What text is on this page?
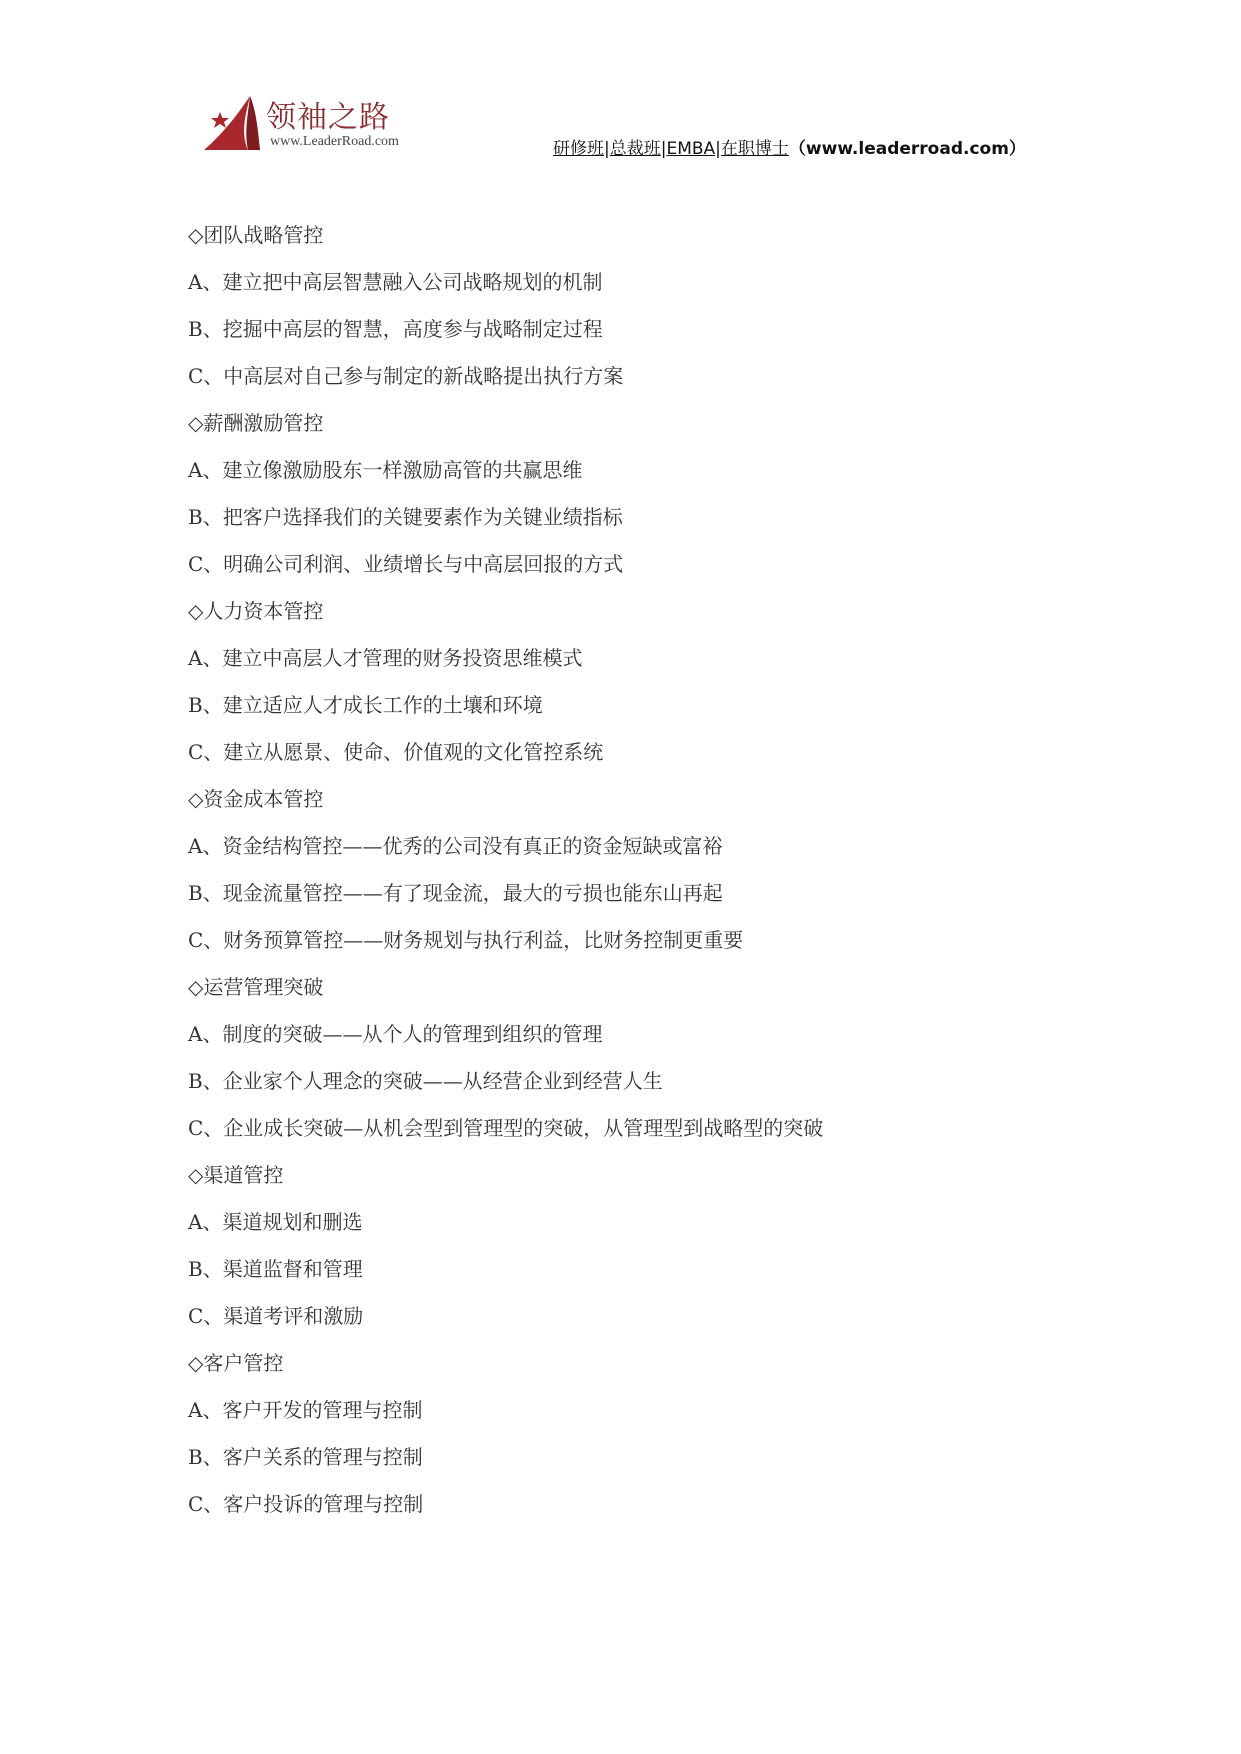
领袖之路
www.LeaderRoad.com	研修班|总裁班|EMBA|在职博士（www.leaderroad.com）
◇团队战略管控
A、建立把中高层智慧融入公司战略规划的机制
B、挖掘中高层的智慧，高度参与战略制定过程
C、中高层对自己参与制定的新战略提出执行方案
◇薪酬激励管控
A、建立像激励股东一样激励高管的共赢思维
B、把客户选择我们的关键要素作为关键业绩指标
C、明确公司利润、业绩增长与中高层回报的方式
◇人力资本管控
A、建立中高层人才管理的财务投资思维模式
B、建立适应人才成长工作的土壤和环境
C、建立从愿景、使命、价值观的文化管控系统
◇资金成本管控
A、资金结构管控——优秀的公司没有真正的资金短缺或富裕
B、现金流量管控——有了现金流，最大的亏损也能东山再起
C、财务预算管控——财务规划与执行利益，比财务控制更重要
◇运营管理突破
A、制度的突破——从个人的管理到组织的管理
B、企业家个人理念的突破——从经营企业到经营人生
C、企业成长突破—从机会型到管理型的突破，从管理型到战略型的突破
◇渠道管控
A、渠道规划和删选
B、渠道监督和管理
C、渠道考评和激励
◇客户管控
A、客户开发的管理与控制
B、客户关系的管理与控制
C、客户投诉的管理与控制
